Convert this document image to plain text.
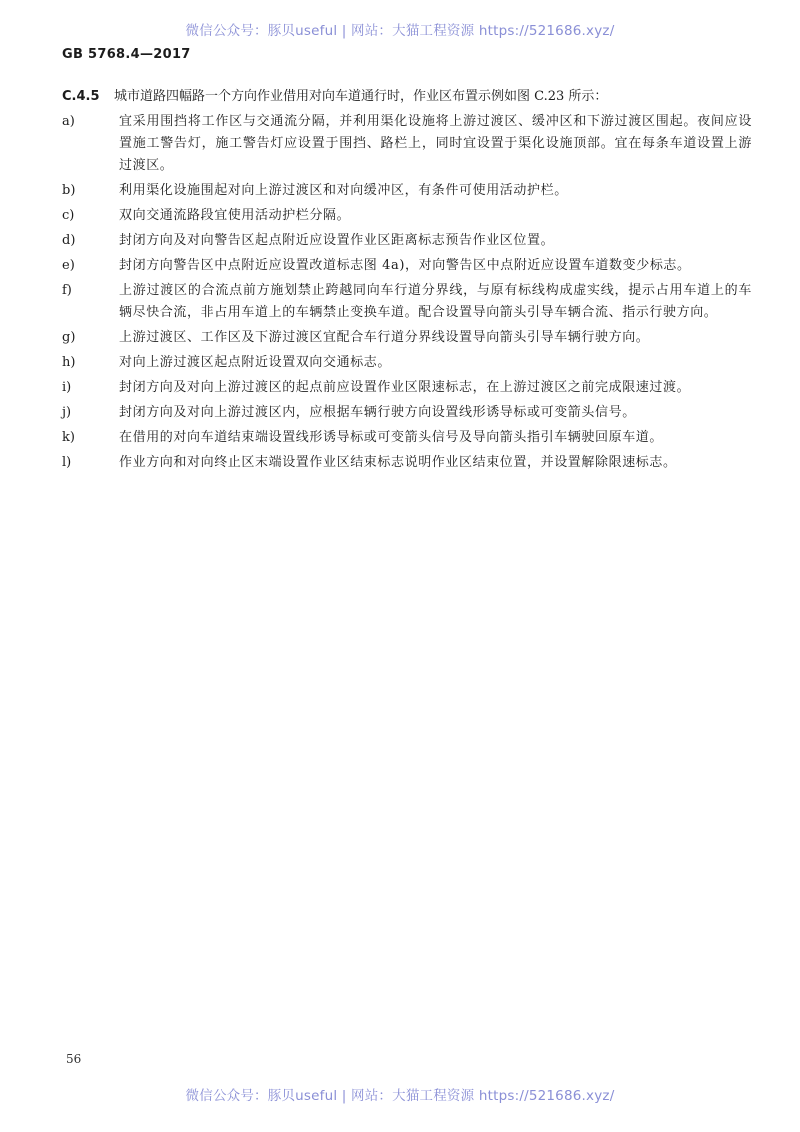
微信公众号：豚贝useful | 网站：大猫工程资源 https://521686.xyz/
GB 5768.4—2017
C.4.5	城市道路四幅路一个方向作业借用对向车道通行时，作业区布置示例如图 C.23 所示：
a)	宜采用围挡将工作区与交通流分隔，并利用渠化设施将上游过渡区、缓冲区和下游过渡区围起。夜间应设置施工警告灯，施工警告灯应设置于围挡、路栏上，同时宜设置于渠化设施顶部。宜在每条车道设置上游过渡区。
b)	利用渠化设施围起对向上游过渡区和对向缓冲区，有条件可使用活动护栏。
c)	双向交通流路段宜使用活动护栏分隔。
d)	封闭方向及对向警告区起点附近应设置作业区距离标志预告作业区位置。
e)	封闭方向警告区中点附近应设置改道标志图 4a)，对向警告区中点附近应设置车道数变少标志。
f)	上游过渡区的合流点前方施划禁止跨越同向车行道分界线，与原有标线构成虚实线，提示占用车道上的车辆尽快合流，非占用车道上的车辆禁止变换车道。配合设置导向箭头引导车辆合流、指示行驶方向。
g)	上游过渡区、工作区及下游过渡区宜配合车行道分界线设置导向箭头引导车辆行驶方向。
h)	对向上游过渡区起点附近设置双向交通标志。
i)	封闭方向及对向上游过渡区的起点前应设置作业区限速标志，在上游过渡区之前完成限速过渡。
j)	封闭方向及对向上游过渡区内，应根据车辆行驶方向设置线形诱导标或可变箭头信号。
k)	在借用的对向车道结束端设置线形诱导标或可变箭头信号及导向箭头指引车辆驶回原车道。
l)	作业方向和对向终止区末端设置作业区结束标志说明作业区结束位置，并设置解除限速标志。
56
微信公众号：豚贝useful | 网站：大猫工程资源 https://521686.xyz/
